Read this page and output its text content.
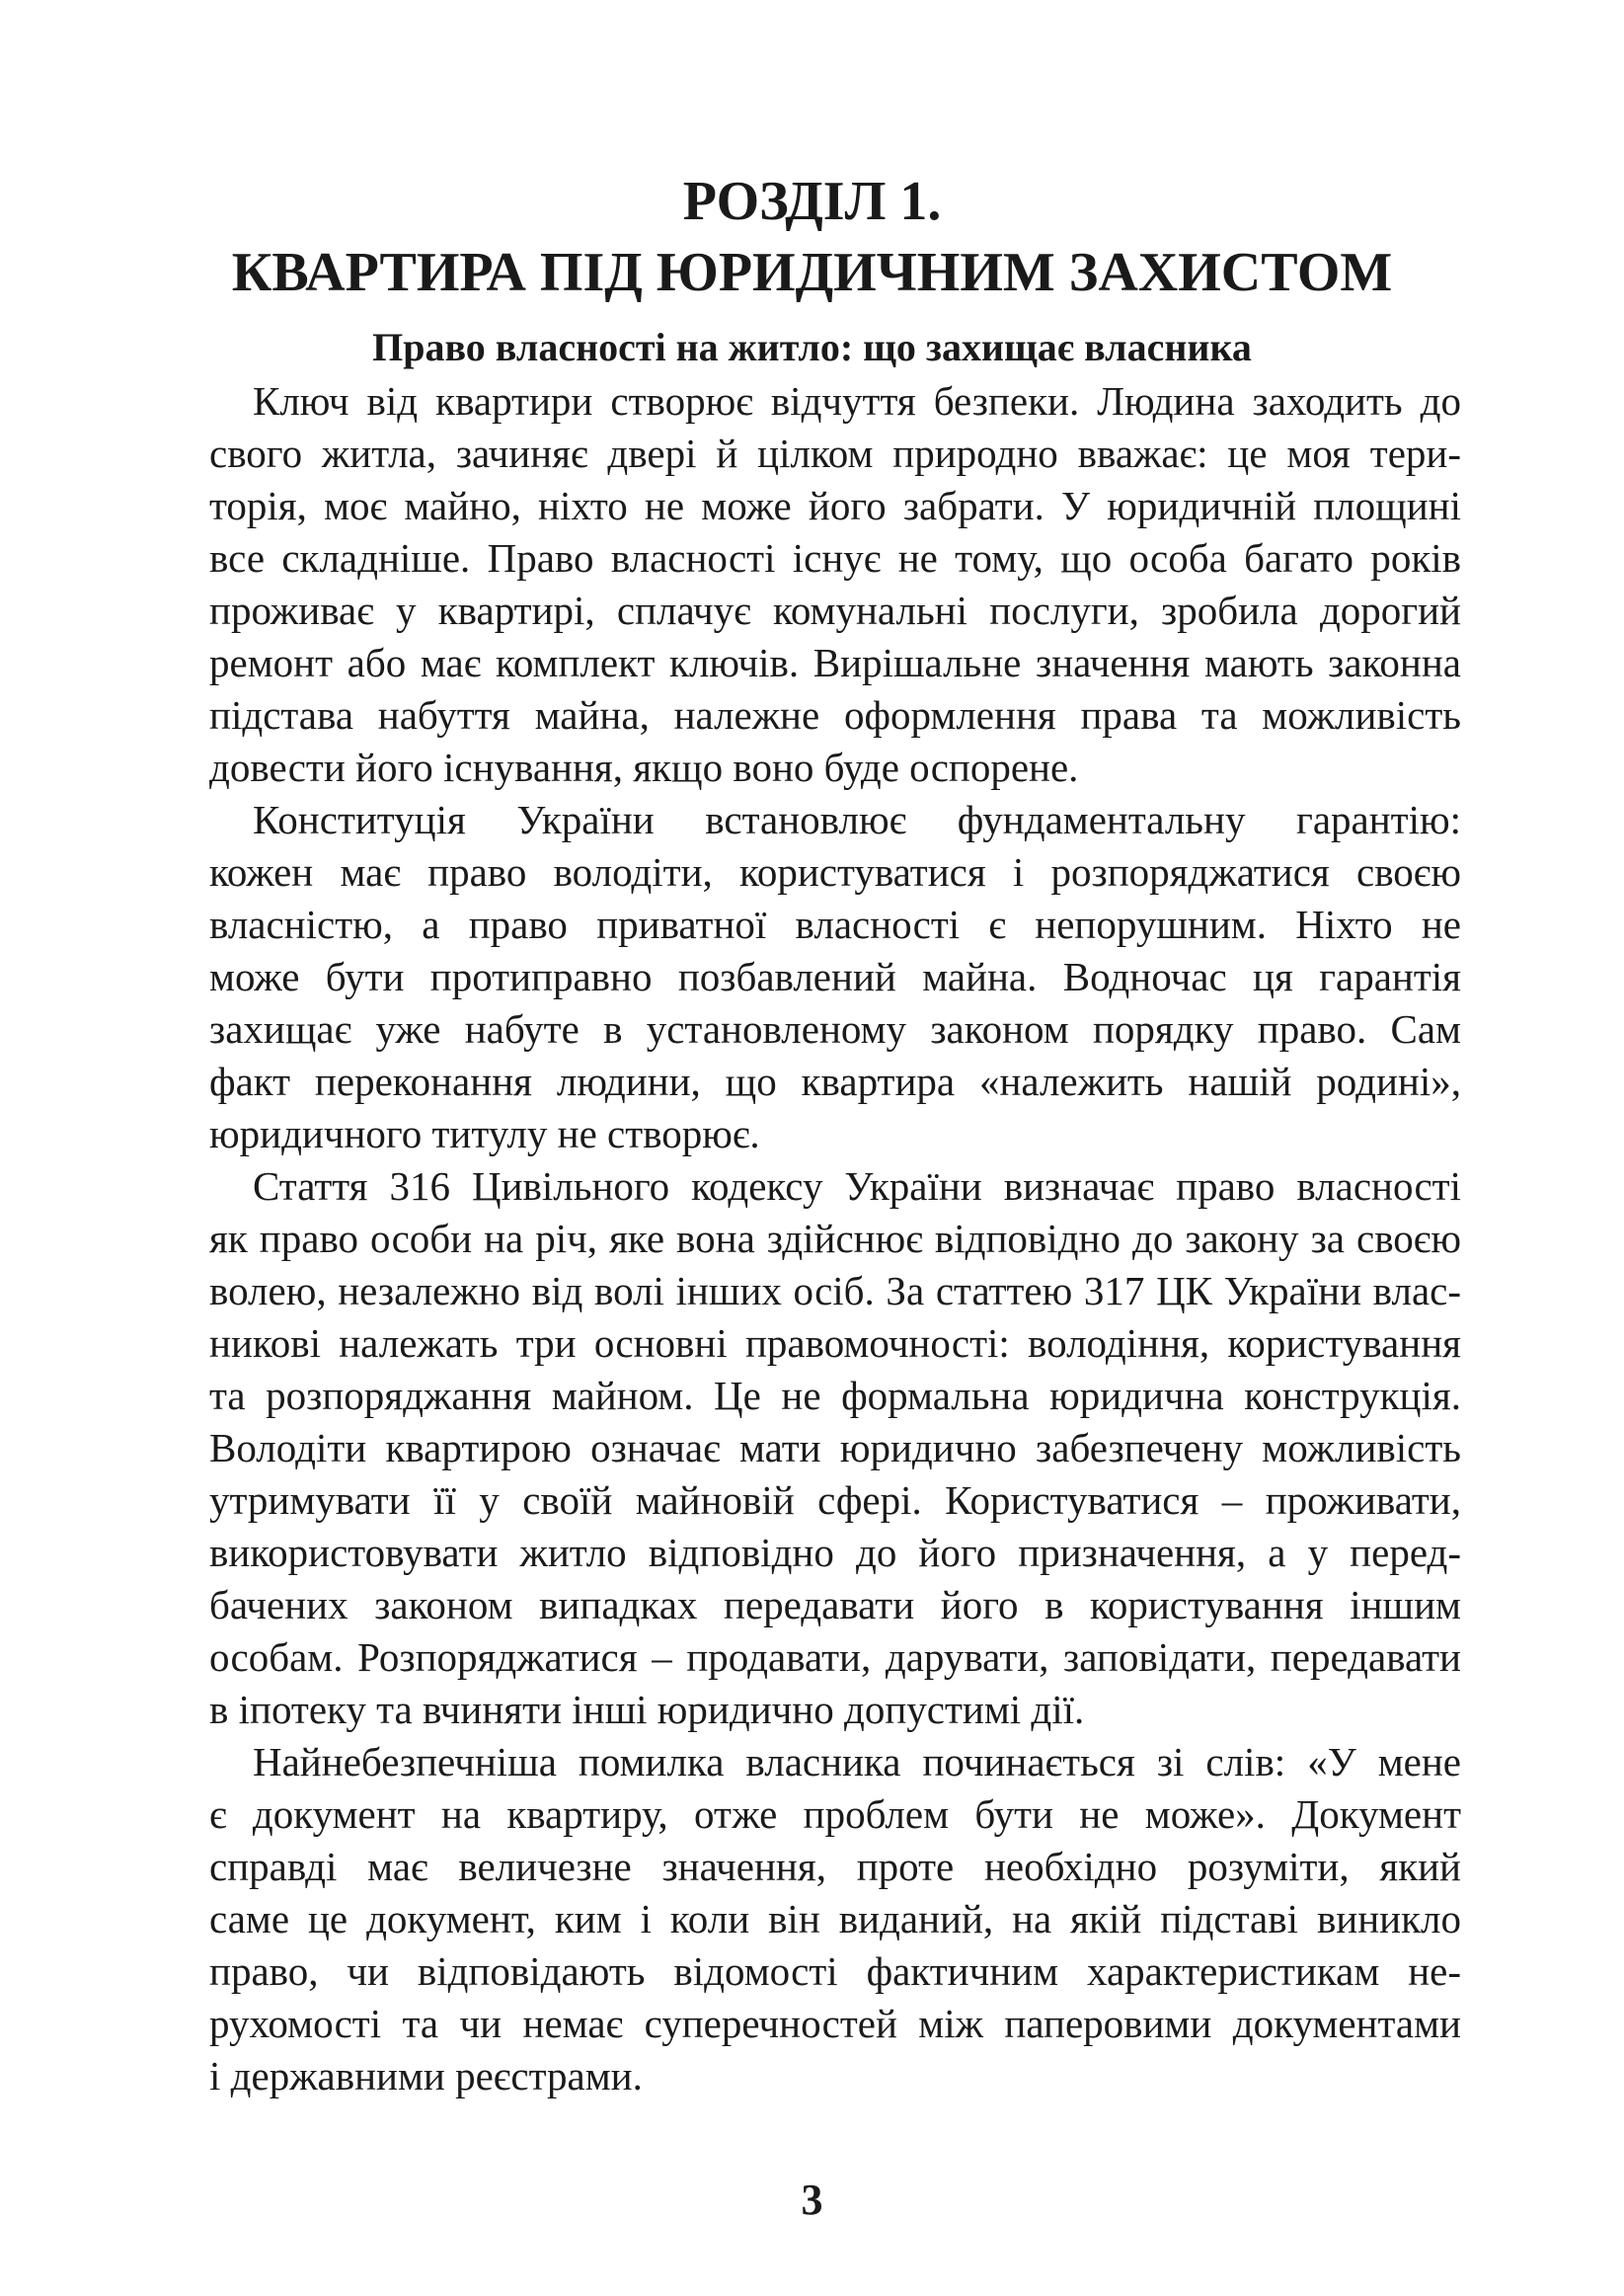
РОЗДІЛ 1.
КВАРТИРА ПІД ЮРИДИЧНИМ ЗАХИСТОМ
Право власності на житло: що захищає власника
Ключ від квартири створює відчуття безпеки. Людина заходить до
свого житла, зачиняє двері й цілком природно вважає: це моя тери-
торія, моє майно, ніхто не може його забрати. У юридичній площині
все складніше. Право власності існує не тому, що особа багато років
проживає у квартирі, сплачує комунальні послуги, зробила дорогий
ремонт або має комплект ключів. Вирішальне значення мають законна
підстава набуття майна, належне оформлення права та можливість
довести його існування, якщо воно буде оспорене.
Конституція України встановлює фундаментальну гарантію:
кожен має право володіти, користуватися і розпоряджатися своєю
власністю, а право приватної власності є непорушним. Ніхто не
може бути протиправно позбавлений майна. Водночас ця гарантія
захищає уже набуте в установленому законом порядку право. Сам
факт переконання людини, що квартира «належить нашій родині»,
юридичного титулу не створює.
Стаття 316 Цивільного кодексу України визначає право власності
як право особи на річ, яке вона здійснює відповідно до закону за своєю
волею, незалежно від волі інших осіб. За статтею 317 ЦК України влас-
никові належать три основні правомочності: володіння, користування
та розпоряджання майном. Це не формальна юридична конструкція.
Володіти квартирою означає мати юридично забезпечену можливість
утримувати її у своїй майновій сфері. Користуватися – проживати,
використовувати житло відповідно до його призначення, а у перед-
бачених законом випадках передавати його в користування іншим
особам. Розпоряджатися – продавати, дарувати, заповідати, передавати
в іпотеку та вчиняти інші юридично допустимі дії.
Найнебезпечніша помилка власника починається зі слів: «У мене
є документ на квартиру, отже проблем бути не може». Документ
справді має величезне значення, проте необхідно розуміти, який
саме це документ, ким і коли він виданий, на якій підставі виникло
право, чи відповідають відомості фактичним характеристикам не-
рухомості та чи немає суперечностей між паперовими документами
і державними реєстрами.
3
